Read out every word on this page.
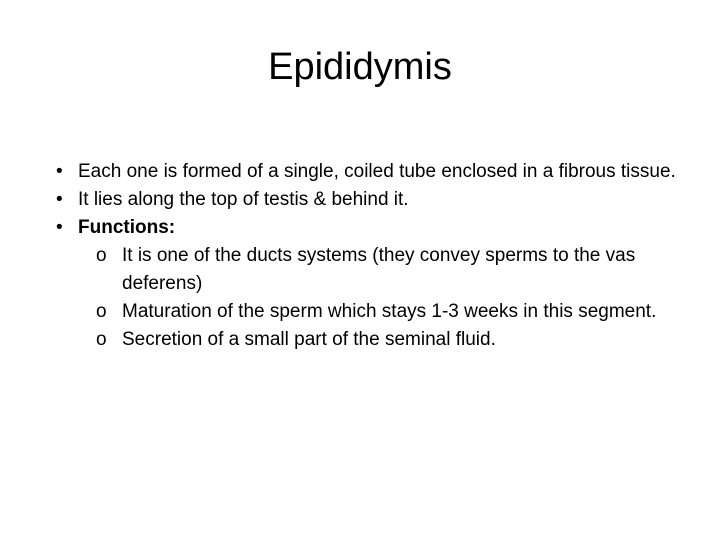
Epididymis
• Each one is formed of a single, coiled tube enclosed in a fibrous tissue.
• It lies along the top of testis & behind it.
• Functions:
o It is one of the ducts systems (they convey sperms to the vas deferens)
o Maturation of the sperm which stays 1-3 weeks in this segment.
o Secretion of a small part of the seminal fluid.
